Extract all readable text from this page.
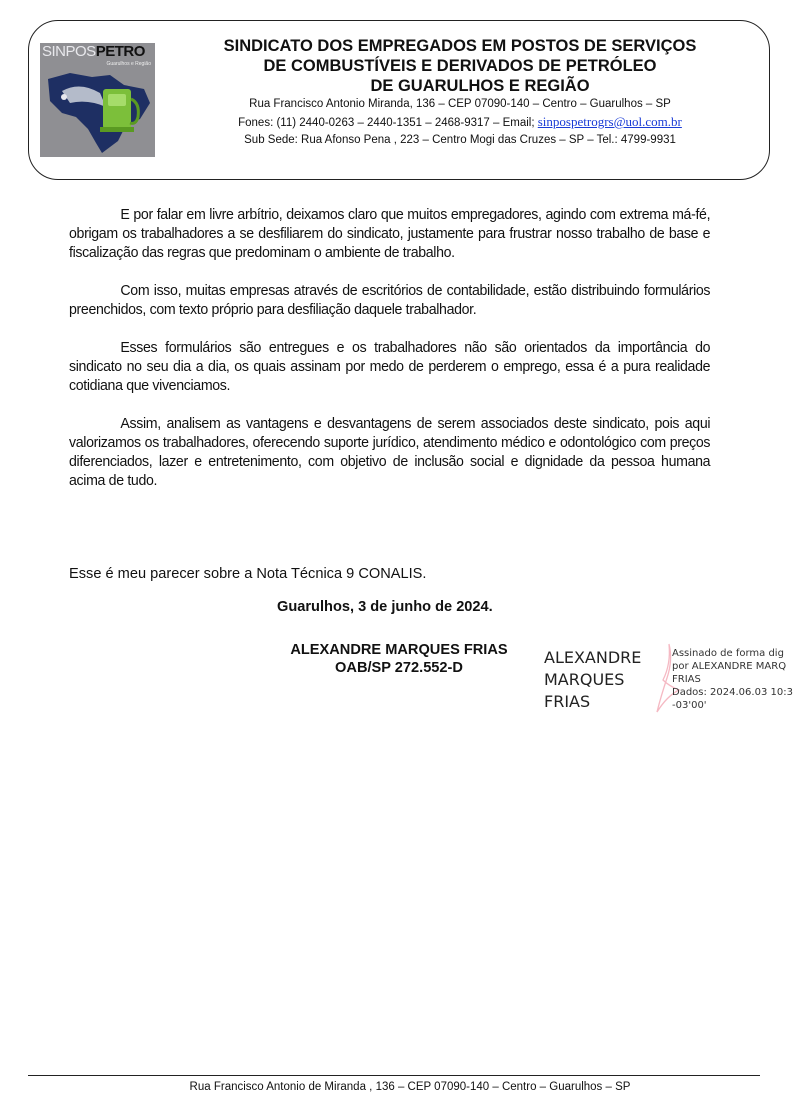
SINPOSPETRO
Guarulhos e Região
SINDICATO DOS EMPREGADOS EM POSTOS DE SERVIÇOS
DE COMBUSTÍVEIS E DERIVADOS DE PETRÓLEO
DE GUARULHOS E REGIÃO
Rua Francisco Antonio Miranda, 136 – CEP 07090-140 – Centro – Guarulhos – SP
Fones: (11) 2440-0263 – 2440-1351 – 2468-9317 – Email; sinpospetrogrs@uol.com.br
Sub Sede: Rua Afonso Pena , 223 – Centro Mogi das Cruzes – SP – Tel.: 4799-9931

E por falar em livre arbítrio, deixamos claro que muitos empregadores, agindo com extrema má-fé, obrigam os trabalhadores a se desfiliarem do sindicato, justamente para frustrar nosso trabalho de base e fiscalização das regras que predominam o ambiente de trabalho.

Com isso, muitas empresas através de escritórios de contabilidade, estão distribuindo formulários preenchidos, com texto próprio para desfiliação daquele trabalhador.

Esses formulários são entregues e os trabalhadores não são orientados da importância do sindicato no seu dia a dia, os quais assinam por medo de perderem o emprego, essa é a pura realidade cotidiana que vivenciamos.

Assim, analisem as vantagens e desvantagens de serem associados deste sindicato, pois aqui valorizamos os trabalhadores, oferecendo suporte jurídico, atendimento médico e odontológico com preços diferenciados, lazer e entretenimento, com objetivo de inclusão social e dignidade da pessoa humana acima de tudo.

Esse é meu parecer sobre a Nota Técnica 9 CONALIS.
Guarulhos, 3 de junho de 2024.
ALEXANDRE MARQUES FRIAS
OAB/SP 272.552-D
ALEXANDRE
MARQUES
FRIAS
Assinado de forma dig
por ALEXANDRE MARQ
FRIAS
Dados: 2024.06.03 10:3
-03'00'
Rua Francisco Antonio de Miranda , 136 – CEP 07090-140 – Centro – Guarulhos – SP
